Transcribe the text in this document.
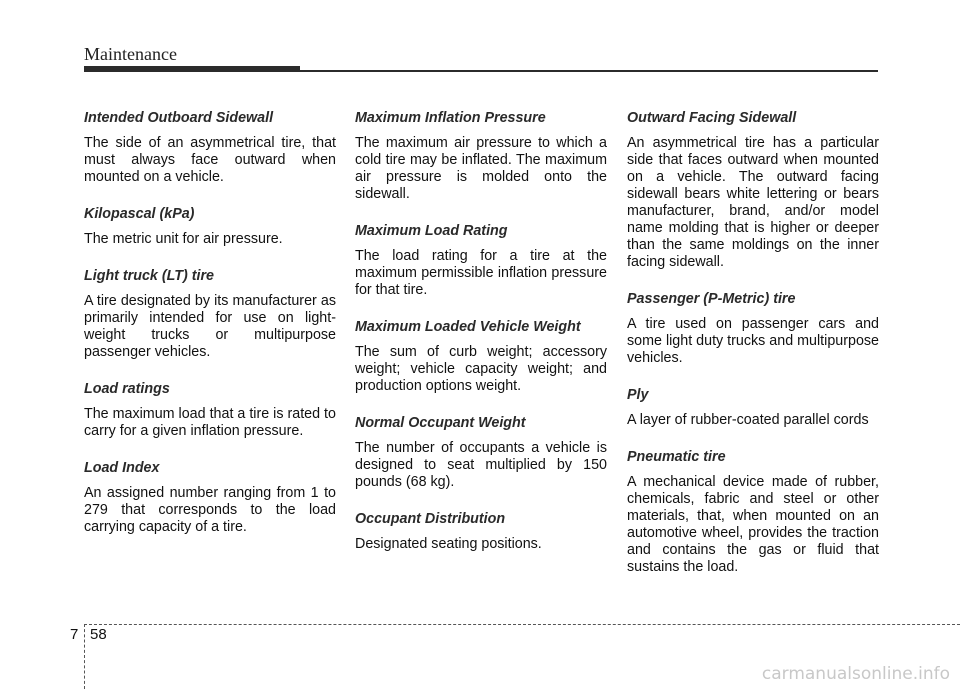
Maintenance
Intended Outboard Sidewall

The side of an asymmetrical tire, that must always face outward when mounted on a vehicle.

Kilopascal (kPa)

The metric unit for air pressure.

Light truck (LT) tire

A tire designated by its manufacturer as primarily intended for use on light-weight trucks or multipurpose passenger vehicles.

Load ratings

The maximum load that a tire is rated to carry for a given inflation pressure.

Load Index

An assigned number ranging from 1 to 279 that corresponds to the load carrying capacity of a tire.

Maximum Inflation Pressure

The maximum air pressure to which a cold tire may be inflated. The maximum air pressure is molded onto the sidewall.

Maximum Load Rating

The load rating for a tire at the maximum permissible inflation pressure for that tire.

Maximum Loaded Vehicle Weight

The sum of curb weight; accessory weight; vehicle capacity weight; and production options weight.

Normal Occupant Weight

The number of occupants a vehicle is designed to seat multiplied by 150 pounds (68 kg).

Occupant Distribution

Designated seating positions.

Outward Facing Sidewall

An asymmetrical tire has a particular side that faces outward when mounted on a vehicle. The outward facing sidewall bears white lettering or bears manufacturer, brand, and/or model name molding that is higher or deeper than the same moldings on the inner facing sidewall.

Passenger (P-Metric) tire

A tire used on passenger cars and some light duty trucks and multipurpose vehicles.

Ply

A layer of rubber-coated parallel cords

Pneumatic tire

A mechanical device made of rubber, chemicals, fabric and steel or other materials, that, when mounted on an automotive wheel, provides the traction and contains the gas or fluid that sustains the load.

7 58
carmanualsonline.info
